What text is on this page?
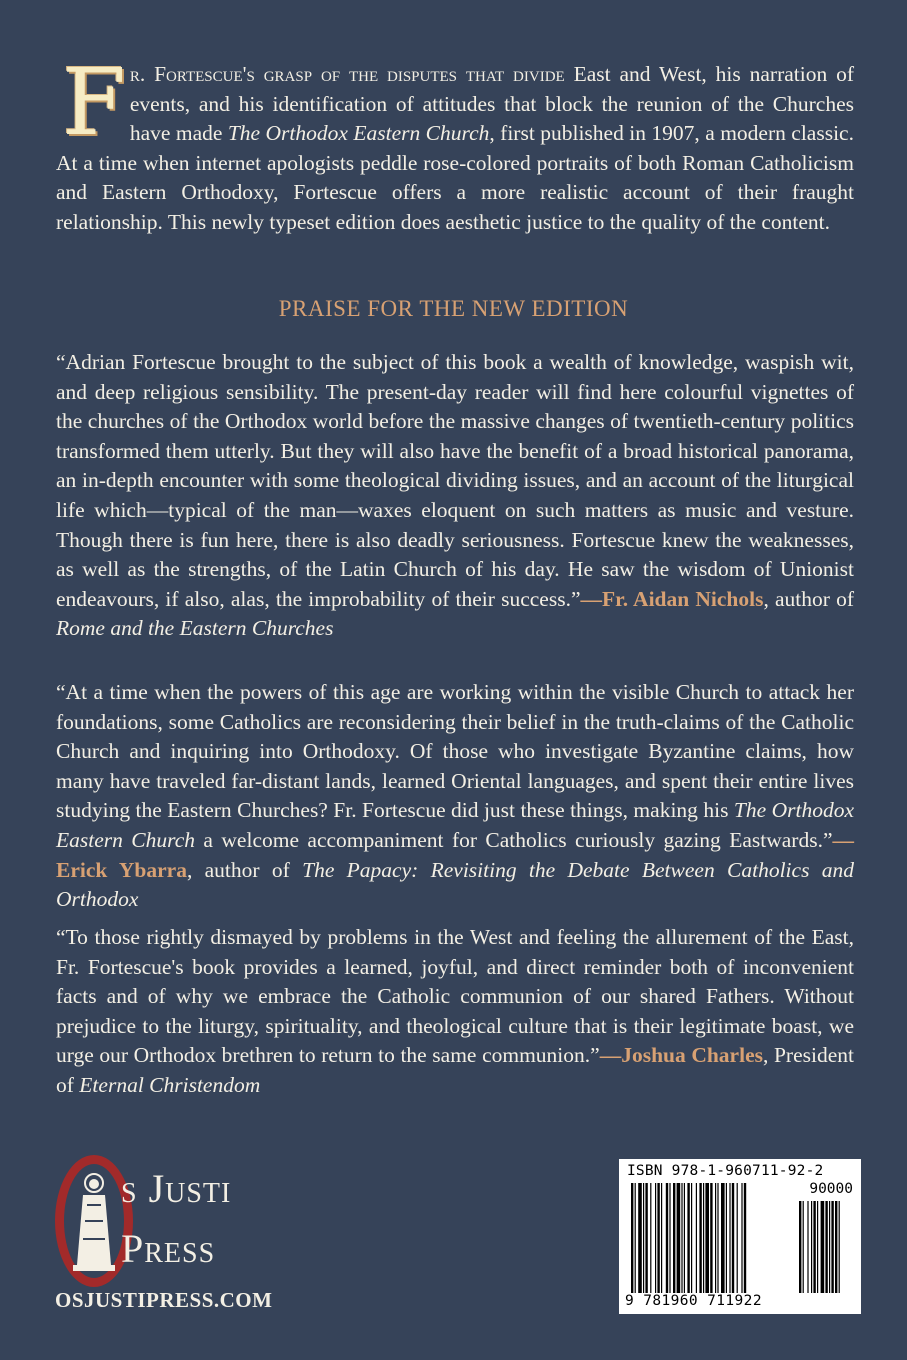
Fr. Fortescue's grasp of the disputes that divide East and West, his narration of events, and his identification of attitudes that block the reunion of the Churches have made The Orthodox Eastern Church, first published in 1907, a modern classic. At a time when internet apologists peddle rose-colored portraits of both Roman Catholicism and Eastern Orthodoxy, Fortescue offers a more realistic account of their fraught relationship. This newly typeset edition does aesthetic justice to the quality of the content.
PRAISE FOR THE NEW EDITION

“Adrian Fortescue brought to the subject of this book a wealth of knowledge, waspish wit, and deep religious sensibility. The present-day reader will find here colourful vignettes of the churches of the Orthodox world before the massive changes of twentieth-century politics transformed them utterly. But they will also have the benefit of a broad historical panorama, an in-depth encounter with some theological dividing issues, and an account of the liturgical life which—typical of the man—waxes eloquent on such matters as music and vesture. Though there is fun here, there is also deadly seriousness. Fortescue knew the weaknesses, as well as the strengths, of the Latin Church of his day. He saw the wisdom of Unionist endeavours, if also, alas, the improbability of their success.”—Fr. Aidan Nichols, author of Rome and the Eastern Churches

“At a time when the powers of this age are working within the visible Church to attack her foundations, some Catholics are reconsidering their belief in the truth-claims of the Catholic Church and inquiring into Orthodoxy. Of those who investigate Byzantine claims, how many have traveled far-distant lands, learned Oriental languages, and spent their entire lives studying the Eastern Churches? Fr. Fortescue did just these things, making his The Orthodox Eastern Church a welcome accompaniment for Catholics curiously gazing Eastwards.”—Erick Ybarra, author of The Papacy: Revisiting the Debate Between Catholics and Orthodox

“To those rightly dismayed by problems in the West and feeling the allurement of the East, Fr. Fortescue's book provides a learned, joyful, and direct reminder both of inconvenient facts and of why we embrace the Catholic communion of our shared Fathers. Without prejudice to the liturgy, spirituality, and theological culture that is their legitimate boast, we urge our Orthodox brethren to return to the same communion.”—Joshua Charles, President of Eternal Christendom

s Justi
Press
OSJUSTIPRESS.COM
ISBN 978-1-960711-92-2
90000
9 781960 711922
